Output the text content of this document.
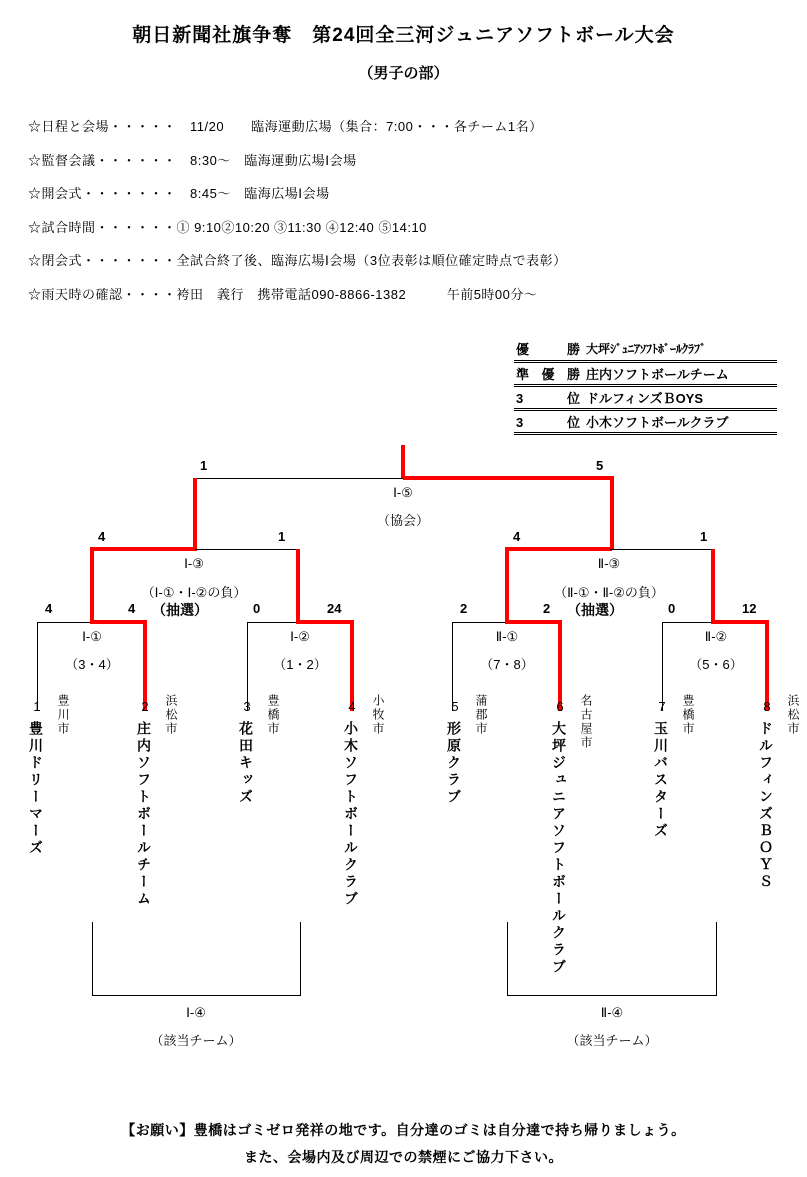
朝日新聞社旗争奪　第24回全三河ジュニアソフトボール大会
（男子の部）
☆日程と会場・・・・・　11/20　　臨海運動広場（集合：7:00・・・各チーム1名）
☆監督会議・・・・・・　8:30～　臨海運動広場Ⅰ会場
☆開会式・・・・・・・　8:45～　臨海広場Ⅰ会場
☆試合時間・・・・・・① 9:10②10:20 ③11:30 ④12:40 ⑤14:10
☆閉会式・・・・・・・全試合終了後、臨海広場Ⅰ会場（3位表彰は順位確定時点で表彰）
☆雨天時の確認・・・・袴田　義行　携帯電話090-8866-1382　　　午前5時00分～
優 勝	大坪ｼﾞｭﾆｱｿﾌﾄﾎﾞｰﾙｸﾗﾌﾞ
準優勝	庄内ソフトボールチーム
3 位	ドルフィンズＢOYS
3 位	小木ソフトボールクラブ
1	5
4	1	4	1
4	4 （抽選）	0	24	2	2 （抽選）	0	12
Ⅰ-⑤
（協会）
Ⅰ-③
（Ⅰ-①・Ⅰ-②の負）
Ⅱ-③
（Ⅱ-①・Ⅱ-②の負）
Ⅰ-①
（3・4）
Ⅰ-②
（1・2）
Ⅱ-①
（7・8）
Ⅱ-②
（5・6）
Ⅰ-④
（該当チーム）
Ⅱ-④
（該当チーム）
1 豊川市
豊川ドリーマーズ
2 浜松市
庄内ソフトボールチーム
3 豊橋市
花田キッズ
4 小牧市
小木ソフトボールクラブ
5 蒲郡市
形原クラブ
6 名古屋市
大坪ジュニアソフトボールクラブ
7 豊橋市
玉川バスターズ
8 浜松市
ドルフィンズＢＯＹＳ
【お願い】豊橋はゴミゼロ発祥の地です。自分達のゴミは自分達で持ち帰りましょう。
また、会場内及び周辺での禁煙にご協力下さい。
